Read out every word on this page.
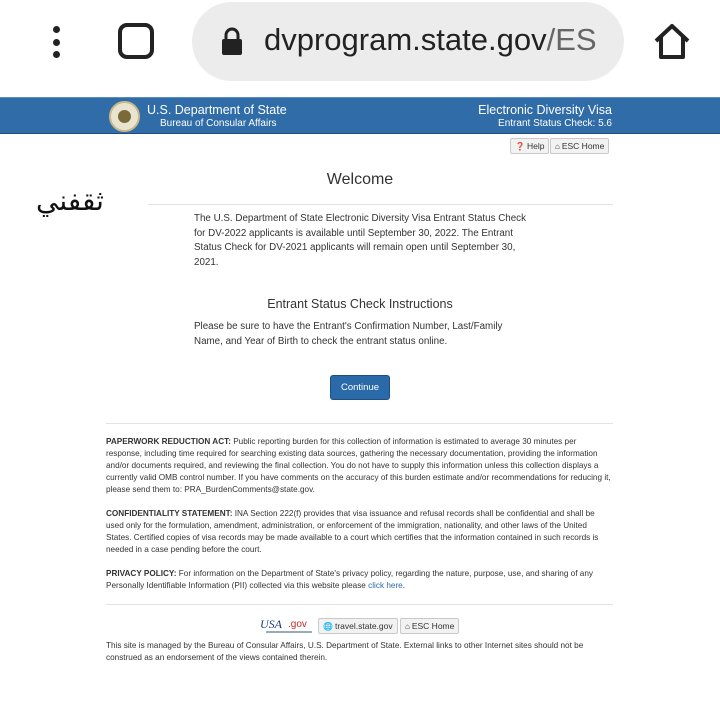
dvprogram.state.gov/ES
U.S. Department of State
Bureau of Consular Affairs
Electronic Diversity Visa
Entrant Status Check: 5.6
❓ Help	⌂ ESC Home
ثقفني
Welcome
The U.S. Department of State Electronic Diversity Visa Entrant Status Check for DV-2022 applicants is available until September 30, 2022. The Entrant Status Check for DV-2021 applicants will remain open until September 30, 2021.
Entrant Status Check Instructions
Please be sure to have the Entrant's Confirmation Number, Last/Family Name, and Year of Birth to check the entrant status online.
Continue
PAPERWORK REDUCTION ACT: Public reporting burden for this collection of information is estimated to average 30 minutes per response, including time required for searching existing data sources, gathering the necessary documentation, providing the information and/or documents required, and reviewing the final collection. You do not have to supply this information unless this collection displays a currently valid OMB control number. If you have comments on the accuracy of this burden estimate and/or recommendations for reducing it, please send them to: PRA_BurdenComments@state.gov.
CONFIDENTIALITY STATEMENT: INA Section 222(f) provides that visa issuance and refusal records shall be confidential and shall be used only for the formulation, amendment, administration, or enforcement of the immigration, nationality, and other laws of the United States. Certified copies of visa records may be made available to a court which certifies that the information contained in such records is needed in a case pending before the court.
PRIVACY POLICY: For information on the Department of State's privacy policy, regarding the nature, purpose, use, and sharing of any Personally Identifiable Information (PII) collected via this website please click here.
USA .gov	🌐 travel.state.gov	⌂ ESC Home
This site is managed by the Bureau of Consular Affairs, U.S. Department of State. External links to other Internet sites should not be construed as an endorsement of the views contained therein.
